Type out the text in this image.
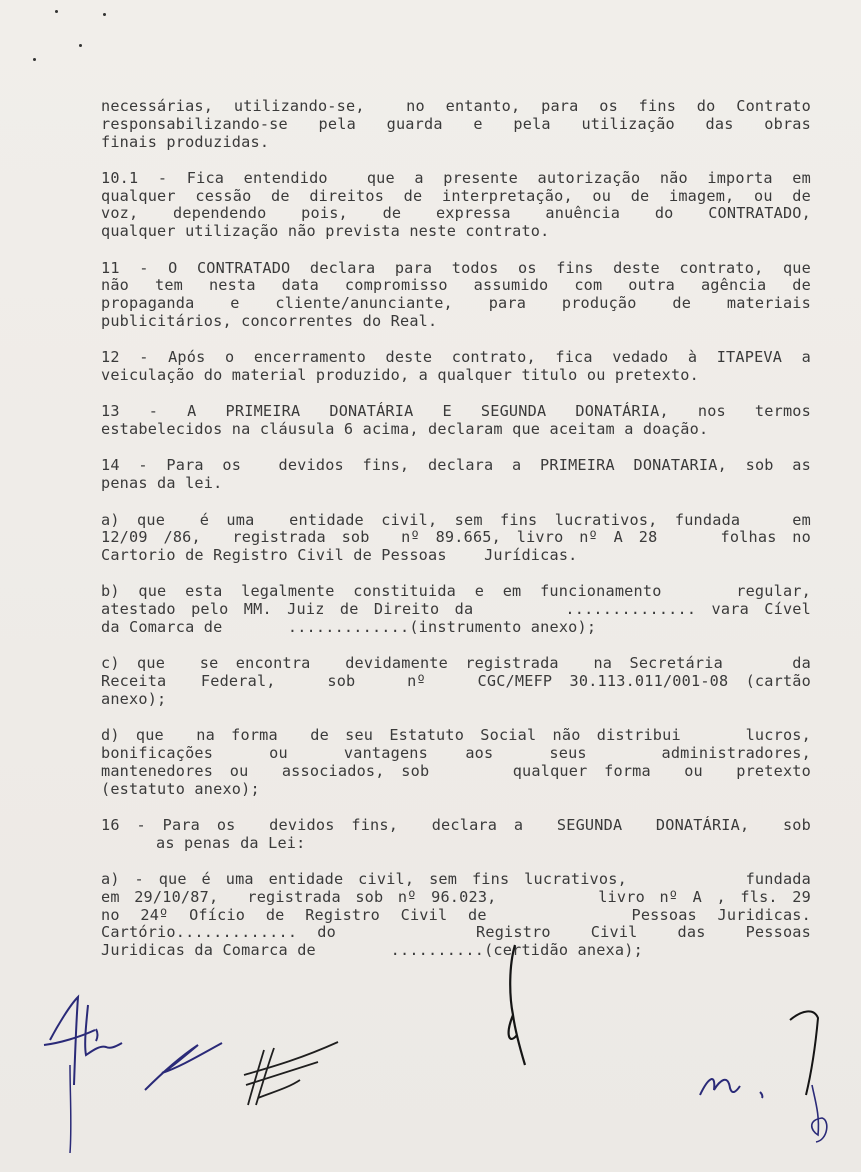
necessárias, utilizando-se,  no entanto, para os fins do Contrato
responsabilizando-se pela guarda e pela utilização das obras
finais produzidas.
10.1 - Fica entendido  que a presente autorização não importa em
qualquer cessão de direitos de interpretação, ou de imagem, ou de
voz, dependendo pois, de expressa anuência do CONTRATADO,
qualquer utilização não prevista neste contrato.
11 - O CONTRATADO declara para todos os fins deste contrato, que
não tem nesta data compromisso assumido com outra agência de
propaganda e cliente/anunciante, para produção de materiais
publicitários, concorrentes do Real.
12 - Após o encerramento deste contrato, fica vedado à ITAPEVA a
veiculação do material produzido, a qualquer titulo ou pretexto.
13 - A PRIMEIRA DONATÁRIA E SEGUNDA DONATÁRIA, nos termos
estabelecidos na cláusula 6 acima, declaram que aceitam a doação.
14 - Para os  devidos fins, declara a PRIMEIRA DONATARIA, sob as
penas da lei.
a) que  é uma  entidade civil, sem fins lucrativos, fundada   em
12/09 /86,  registrada sob  nº 89.665, livro nº A 28    folhas no
Cartorio de Registro Civil de Pessoas    Jurídicas.
b) que esta legalmente constituida e em funcionamento    regular,
atestado pelo MM. Juiz de Direito da      .............. vara Cível
da Comarca de       .............(instrumento anexo);
c) que  se encontra  devidamente registrada  na Secretária    da
Receita  Federal,   sob   nº   CGC/MEFP 30.113.011/001-08 (cartão
anexo);
d) que  na forma  de seu Estatuto Social não distribui    lucros,
bonificações   ou   vantagens  aos   seus    administradores,
mantenedores ou  associados, sob     qualquer forma  ou  pretexto
(estatuto anexo);
16 - Para os  devidos fins,  declara a  SEGUNDA  DONATÁRIA,  sob
as penas da Lei:
a) - que é uma entidade civil, sem fins lucrativos,        fundada
em 29/10/87,  registrada sob nº 96.023,       livro nº A , fls. 29
no 24º Ofício de Registro Civil de       Pessoas Juridicas.
Cartório............. do       Registro  Civil  das  Pessoas
Juridicas da Comarca de        ..........(certidão anexa);
